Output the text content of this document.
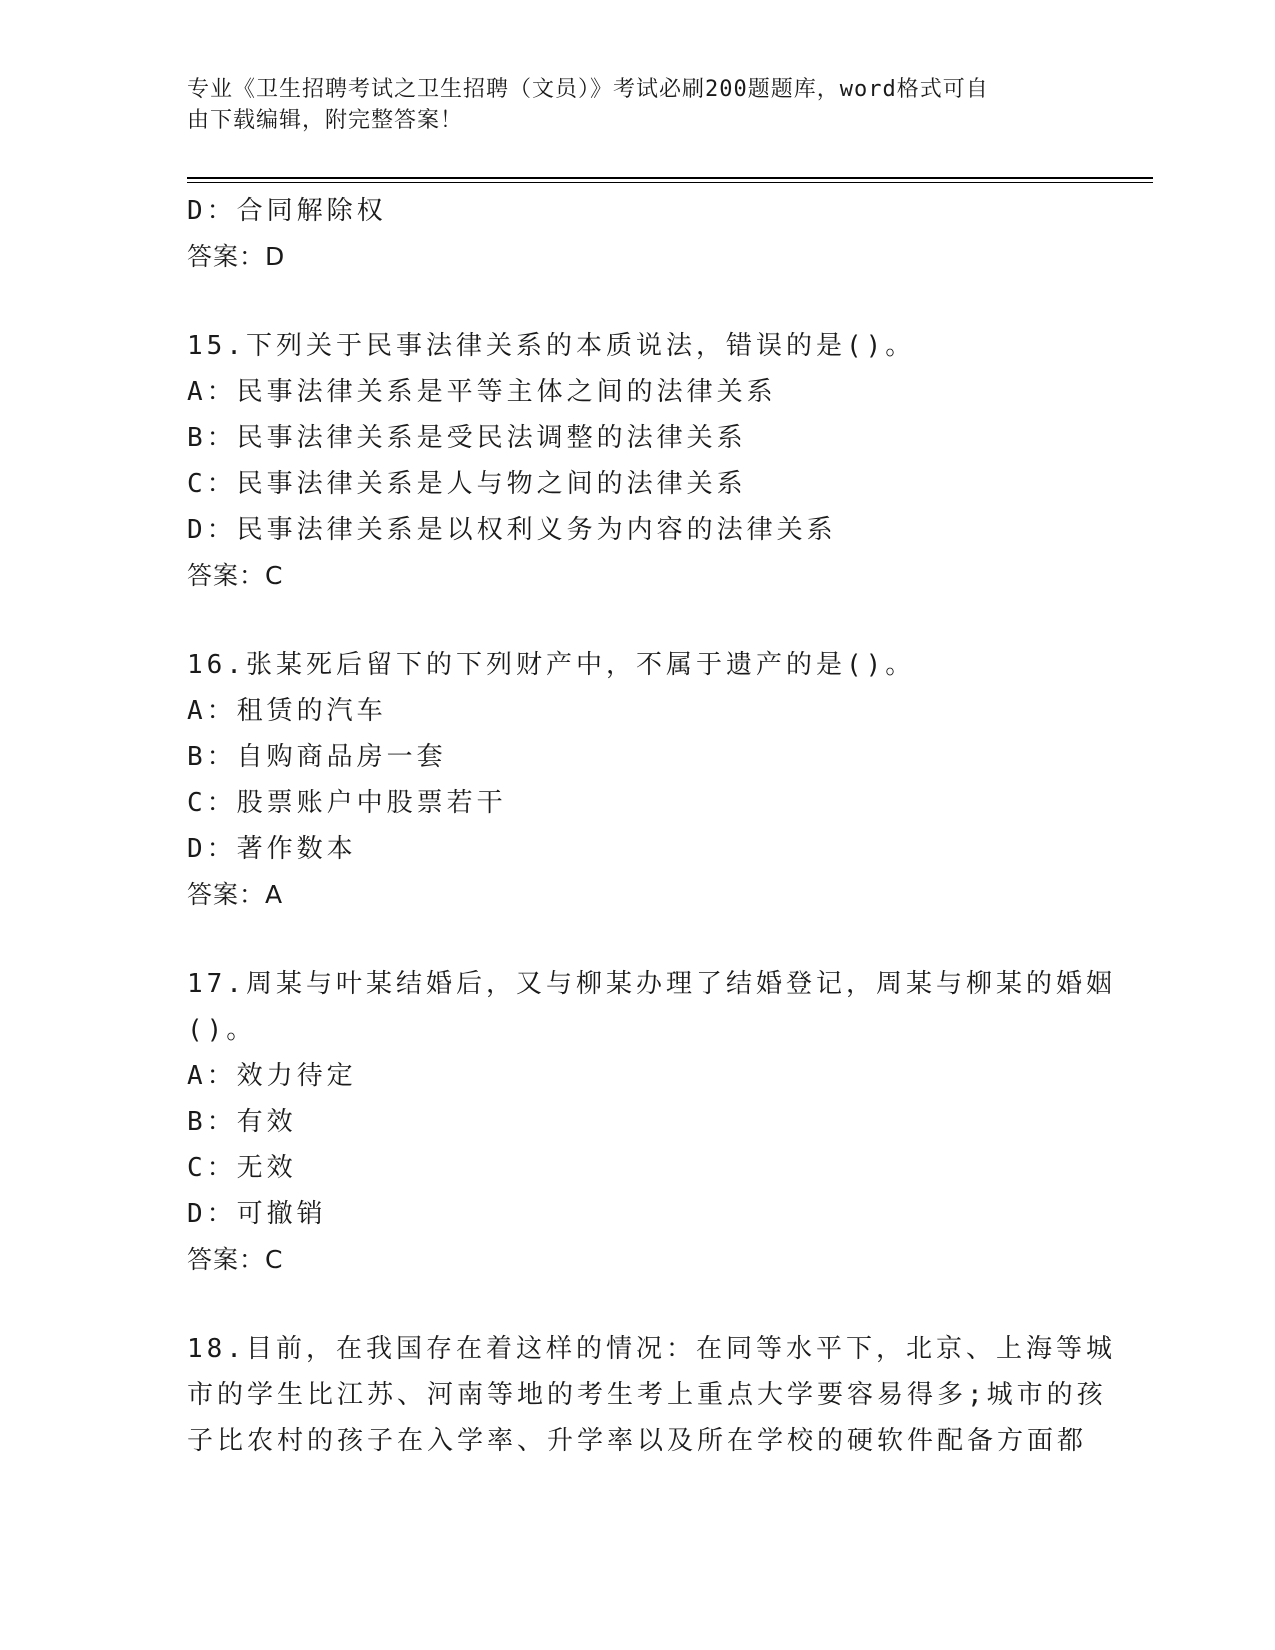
专业《卫生招聘考试之卫生招聘（文员）》考试必刷200题题库，word格式可自
由下载编辑，附完整答案！
D：合同解除权
答案：D
15.下列关于民事法律关系的本质说法，错误的是()。
A：民事法律关系是平等主体之间的法律关系
B：民事法律关系是受民法调整的法律关系
C：民事法律关系是人与物之间的法律关系
D：民事法律关系是以权利义务为内容的法律关系
答案：C
16.张某死后留下的下列财产中，不属于遗产的是()。
A：租赁的汽车
B：自购商品房一套
C：股票账户中股票若干
D：著作数本
答案：A
17.周某与叶某结婚后，又与柳某办理了结婚登记，周某与柳某的婚姻
()。
A：效力待定
B：有效
C：无效
D：可撤销
答案：C
18.目前，在我国存在着这样的情况：在同等水平下，北京、上海等城
市的学生比江苏、河南等地的考生考上重点大学要容易得多;城市的孩
子比农村的孩子在入学率、升学率以及所在学校的硬软件配备方面都
